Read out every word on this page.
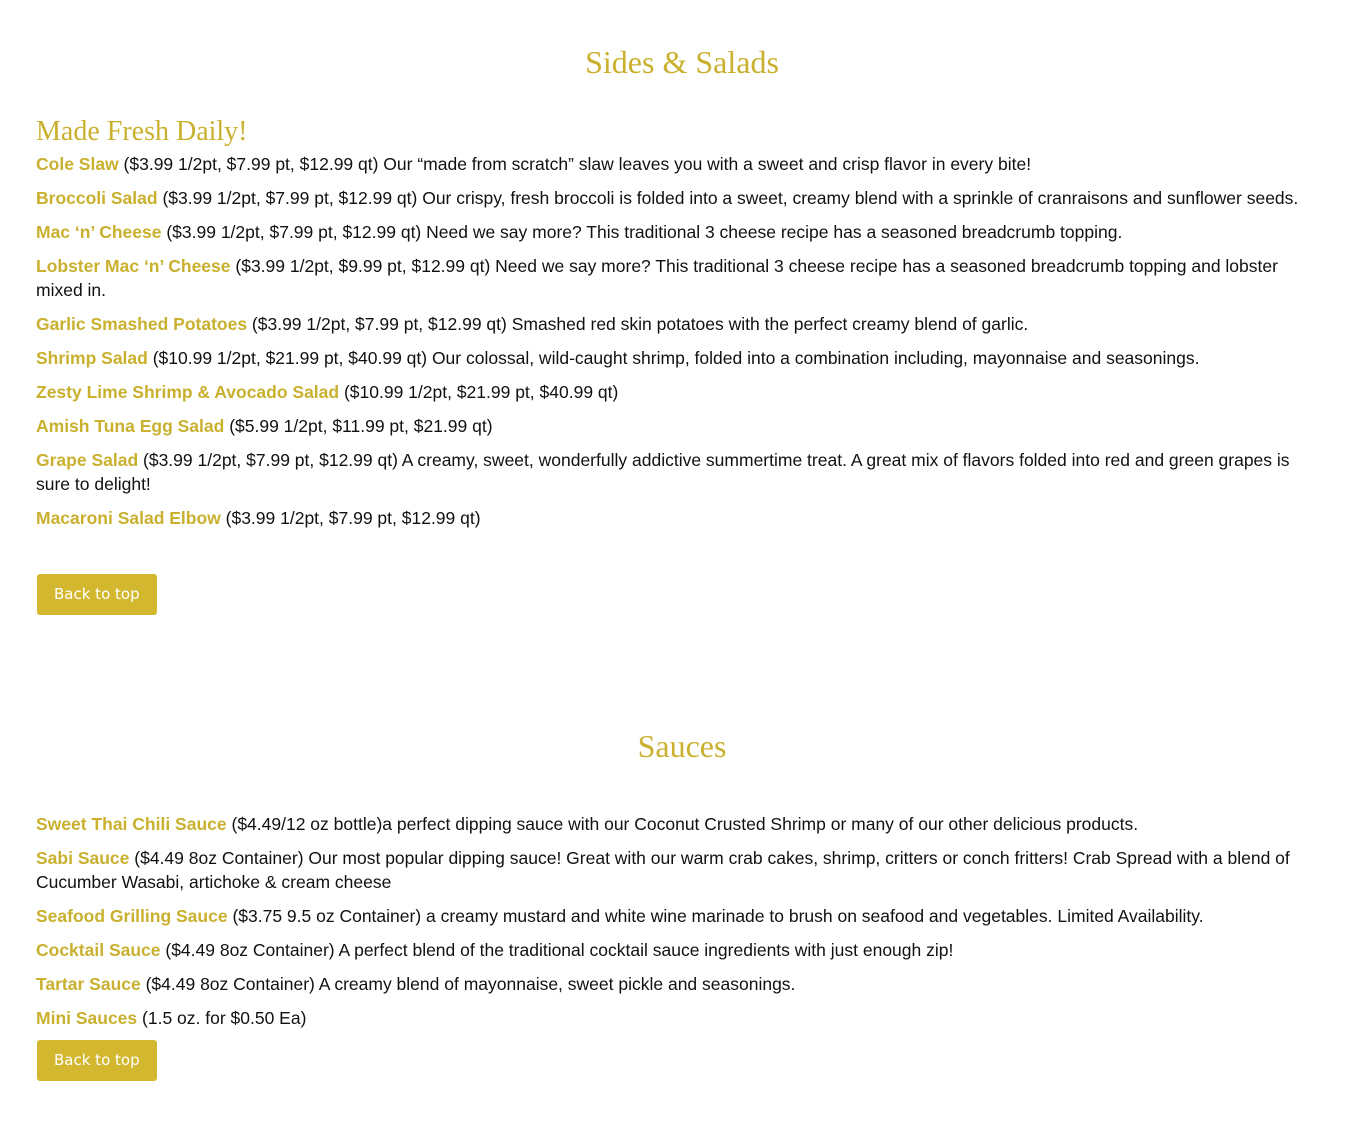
Sides & Salads
Made Fresh Daily!

Cole Slaw ($3.99 1/2pt, $7.99 pt, $12.99 qt) Our “made from scratch” slaw leaves you with a sweet and crisp flavor in every bite!

Broccoli Salad ($3.99 1/2pt, $7.99 pt, $12.99 qt) Our crispy, fresh broccoli is folded into a sweet, creamy blend with a sprinkle of cranraisons and sunflower seeds.

Mac ‘n’ Cheese ($3.99 1/2pt, $7.99 pt, $12.99 qt) Need we say more? This traditional 3 cheese recipe has a seasoned breadcrumb topping.

Lobster Mac ‘n’ Cheese ($3.99 1/2pt, $9.99 pt, $12.99 qt) Need we say more? This traditional 3 cheese recipe has a seasoned breadcrumb topping and lobster mixed in.

Garlic Smashed Potatoes ($3.99 1/2pt, $7.99 pt, $12.99 qt) Smashed red skin potatoes with the perfect creamy blend of garlic.

Shrimp Salad ($10.99 1/2pt, $21.99 pt, $40.99 qt) Our colossal, wild-caught shrimp, folded into a combination including, mayonnaise and seasonings.

Zesty Lime Shrimp & Avocado Salad ($10.99 1/2pt, $21.99 pt, $40.99 qt)

Amish Tuna Egg Salad ($5.99 1/2pt, $11.99 pt, $21.99 qt)

Grape Salad ($3.99 1/2pt, $7.99 pt, $12.99 qt) A creamy, sweet, wonderfully addictive summertime treat. A great mix of flavors folded into red and green grapes is sure to delight!

Macaroni Salad Elbow ($3.99 1/2pt, $7.99 pt, $12.99 qt)

Back to top
Sauces

Sweet Thai Chili Sauce ($4.49/12 oz bottle)a perfect dipping sauce with our Coconut Crusted Shrimp or many of our other delicious products.

Sabi Sauce ($4.49 8oz Container) Our most popular dipping sauce! Great with our warm crab cakes, shrimp, critters or conch fritters! Crab Spread with a blend of Cucumber Wasabi, artichoke & cream cheese

Seafood Grilling Sauce ($3.75 9.5 oz Container) a creamy mustard and white wine marinade to brush on seafood and vegetables. Limited Availability.

Cocktail Sauce ($4.49 8oz Container) A perfect blend of the traditional cocktail sauce ingredients with just enough zip!

Tartar Sauce ($4.49 8oz Container) A creamy blend of mayonnaise, sweet pickle and seasonings.

Mini Sauces (1.5 oz. for $0.50 Ea)

Back to top
